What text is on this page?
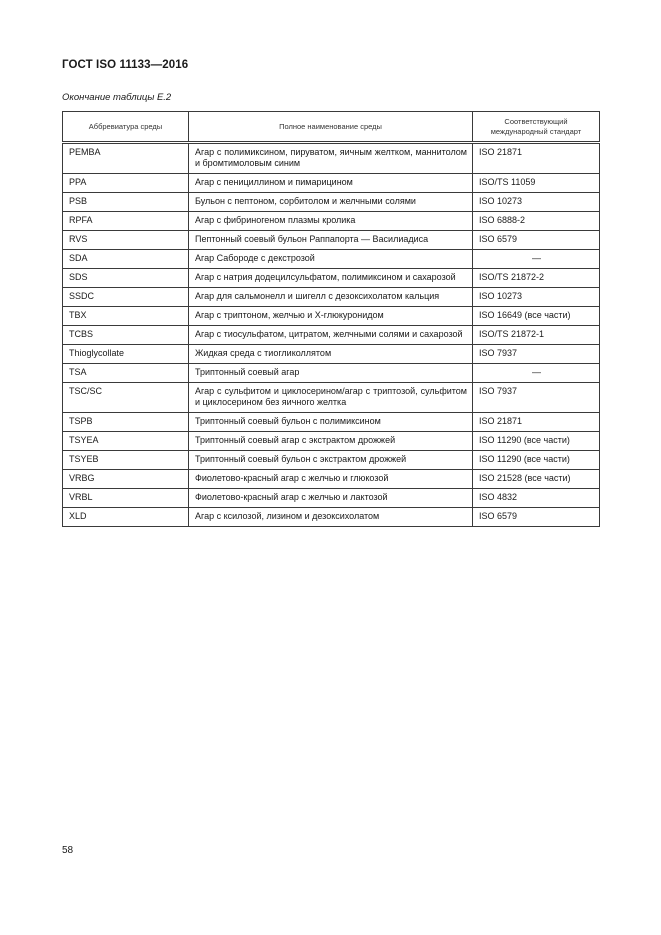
ГОСТ ISO 11133—2016
Окончание таблицы Е.2
Аббревиатура среды	Полное наименование среды	Соответствующий международный стандарт
PEMBA	Агар с полимиксином, пируватом, яичным желтком, маннитолом и бромтимоловым синим	ISO 21871
PPA	Агар с пенициллином и пимарицином	ISO/TS 11059
PSB	Бульон с пептоном, сорбитолом и желчными солями	ISO 10273
RPFA	Агар с фибриногеном плазмы кролика	ISO 6888-2
RVS	Пептонный соевый бульон Раппапорта — Василиадиса	ISO 6579
SDA	Агар Сабороде с декстрозой	—
SDS	Агар с натрия додецилсульфатом, полимиксином и сахарозой	ISO/TS 21872-2
SSDC	Агар для сальмонелл и шигелл с дезоксихолатом кальция	ISO 10273
TBX	Агар с триптоном, желчью и X-глюкуронидом	ISO 16649 (все части)
TCBS	Агар с тиосульфатом, цитратом, желчными солями и сахарозой	ISO/TS 21872-1
Thioglycollate	Жидкая среда с тиогликоллятом	ISO 7937
TSA	Триптонный соевый агар	—
TSC/SC	Агар с сульфитом и циклосерином/агар с триптозой, сульфитом и циклосерином без яичного желтка	ISO 7937
TSPB	Триптонный соевый бульон с полимиксином	ISO 21871
TSYEA	Триптонный соевый агар с экстрактом дрожжей	ISO 11290 (все части)
TSYEB	Триптонный соевый бульон с экстрактом дрожжей	ISO 11290 (все части)
VRBG	Фиолетово-красный агар с желчью и глюкозой	ISO 21528 (все части)
VRBL	Фиолетово-красный агар с желчью и лактозой	ISO 4832
XLD	Агар с ксилозой, лизином и дезоксихолатом	ISO 6579
58
